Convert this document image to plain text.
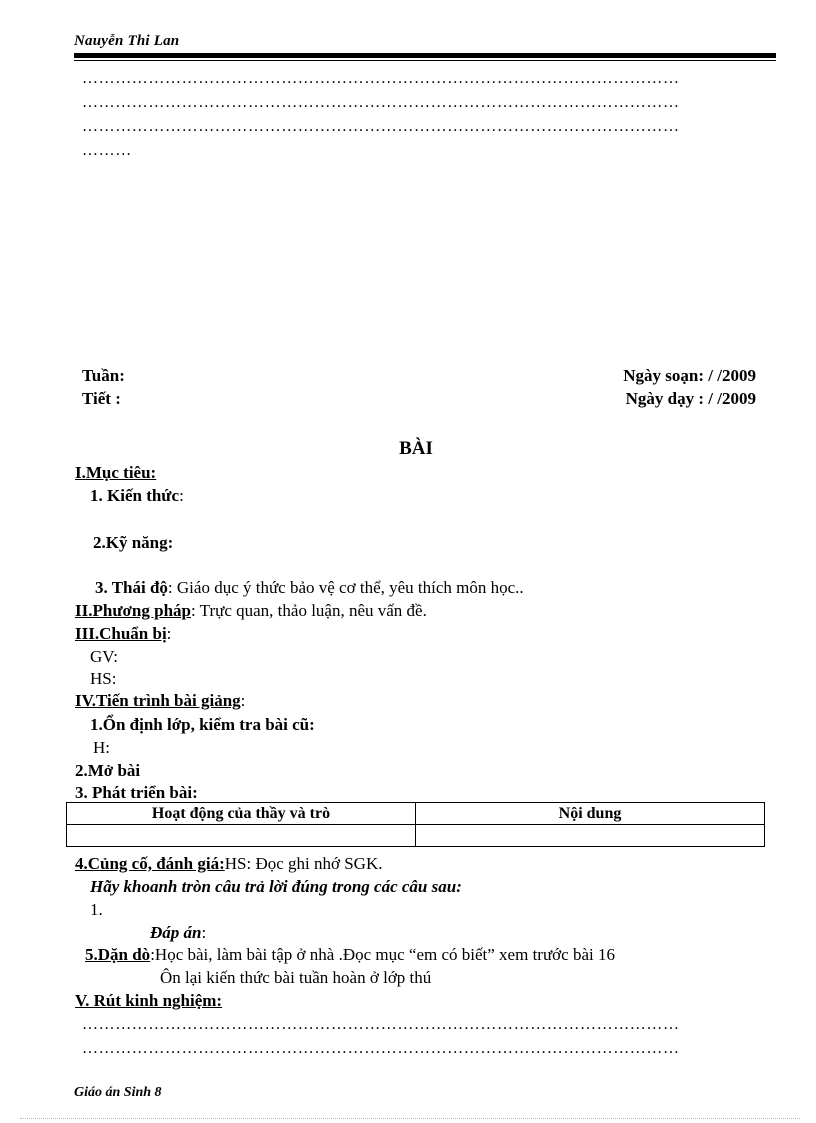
Nauyễn Thi Lan
………………………………………………………………………………………………
………………………………………………………………………………………………
………………………………………………………………………………………………
………
Tuần:
Tiết :
Ngày soạn: / /2009
Ngày dạy : / /2009
BÀI
I.Mục tiêu:
1. Kiến thức:
2.Kỹ năng:
3. Thái độ: Giáo dục ý thức bảo vệ cơ thể, yêu thích môn học..
II.Phương pháp: Trực quan, thảo luận, nêu vấn đề.
III.Chuẩn bị:
GV:
HS:
IV.Tiến trình bài giảng:
1.Ổn định lớp, kiểm tra bài cũ:
H:
2.Mở bài
3. Phát triển bài:
Hoạt động của thầy và trò	Nội dung

4.Củng cố, đánh giá:HS: Đọc ghi nhớ SGK.
Hãy khoanh tròn câu trả lời đúng trong các câu sau:
1.
Đáp án:
5.Dặn dò:Học bài, làm bài tập ở nhà .Đọc mục “em có biết” xem trước bài 16
Ôn lại kiến thức bài tuần hoàn ở lớp thú
V. Rút kinh nghiệm:
………………………………………………………………………………………………
………………………………………………………………………………………………
Giáo án Sinh 8
